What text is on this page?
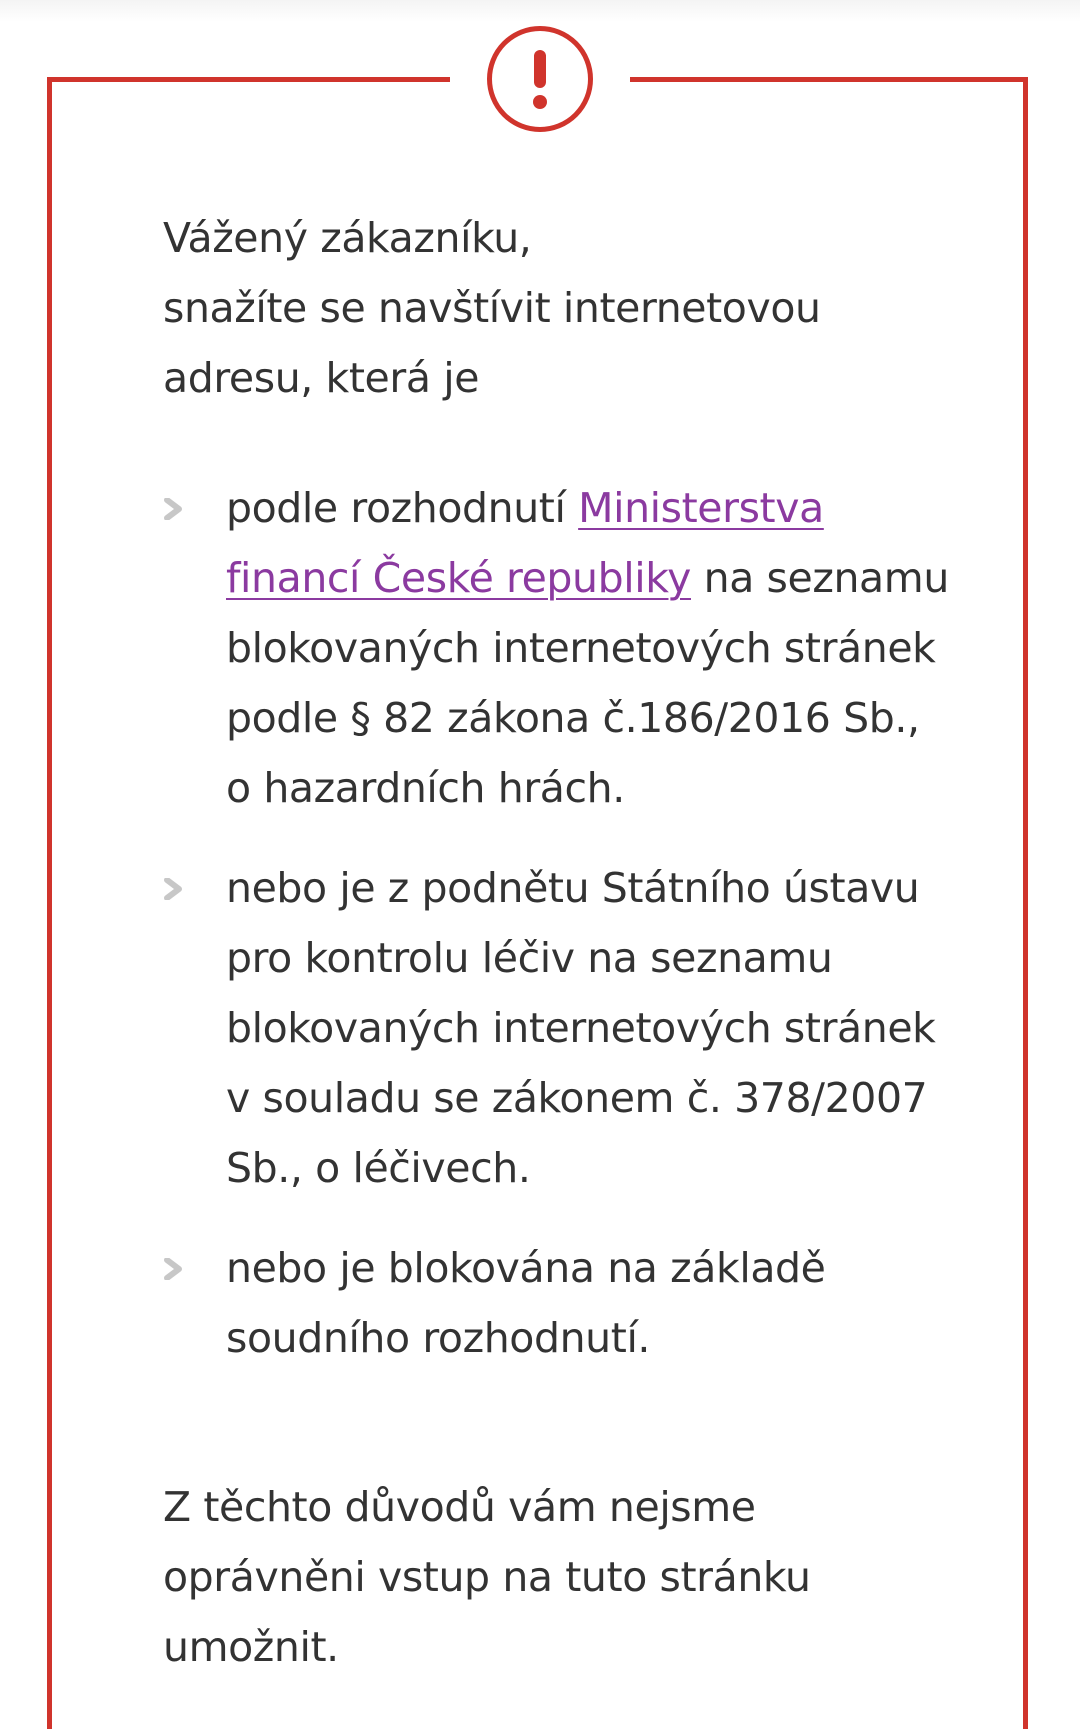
Vážený zákazníku,
snažíte se navštívit internetovou
adresu, která je
podle rozhodnutí Ministerstva
financí České republiky na seznamu
blokovaných internetových stránek
podle § 82 zákona č.186/2016 Sb.,
o hazardních hrách.
nebo je z podnětu Státního ústavu
pro kontrolu léčiv na seznamu
blokovaných internetových stránek
v souladu se zákonem č. 378/2007
Sb., o léčivech.
nebo je blokována na základě
soudního rozhodnutí.
Z těchto důvodů vám nejsme
oprávněni vstup na tuto stránku
umožnit.
